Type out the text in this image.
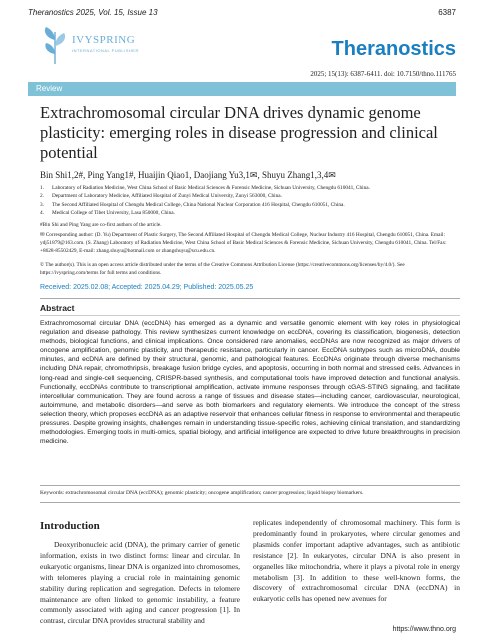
Theranostics 2025, Vol. 15, Issue 13	6387
IVYSPRING
INTERNATIONAL PUBLISHER	Theranostics
2025; 15(13): 6387-6411. doi: 10.7150/thno.111765
Review
Extrachromosomal circular DNA drives dynamic genome plasticity: emerging roles in disease progression and clinical potential
Bin Shi1,2#, Ping Yang1#, Huaijin Qiao1, Daojiang Yu3,1✉, Shuyu Zhang1,3,4✉
1.	Laboratory of Radiation Medicine, West China School of Basic Medical Sciences & Forensic Medicine, Sichuan University, Chengdu 610041, China.
2.	Department of Laboratory Medicine, Affiliated Hospital of Zunyi Medical University, Zunyi 563000, China.
3.	The Second Affiliated Hospital of Chengdu Medical College, China National Nuclear Corporation 416 Hospital, Chengdu 610051, China.
4.	Medical College of Tibet University, Lasa 850000, China.
#Bin Shi and Ping Yang are co-first authors of the article.
✉ Corresponding author: (D. Yu) Department of Plastic Surgery, The Second Affiliated Hospital of Chengdu Medical College, Nuclear Industry 416 Hospital, Chengdu 610051, China. Email: ydj51879@163.com. (S. Zhang) Laboratory of Radiation Medicine, West China School of Basic Medical Sciences & Forensic Medicine, Sichuan University, Chengdu 610041, China. Tel/Fax: +8628-85502429, E-mail: zhang.shuyu@hotmail.com or zhangshuyu@scu.edu.cn.
© The author(s). This is an open access article distributed under the terms of the Creative Commons Attribution License (https://creativecommons.org/licenses/by/4.0/). See https://ivyspring.com/terms for full terms and conditions.
Received: 2025.02.08; Accepted: 2025.04.29; Published: 2025.05.25
Abstract
Extrachromosomal circular DNA (eccDNA) has emerged as a dynamic and versatile genomic element with key roles in physiological regulation and disease pathology. This review synthesizes current knowledge on eccDNA, covering its classification, biogenesis, detection methods, biological functions, and clinical implications. Once considered rare anomalies, eccDNAs are now recognized as major drivers of oncogene amplification, genomic plasticity, and therapeutic resistance, particularly in cancer. EccDNA subtypes such as microDNA, double minutes, and ecDNA are defined by their structural, genomic, and pathological features. EccDNAs originate through diverse mechanisms including DNA repair, chromothripsis, breakage fusion bridge cycles, and apoptosis, occurring in both normal and stressed cells. Advances in long-read and single-cell sequencing, CRISPR-based synthesis, and computational tools have improved detection and functional analysis. Functionally, eccDNAs contribute to transcriptional amplification, activate immune responses through cGAS-STING signaling, and facilitate intercellular communication. They are found across a range of tissues and disease states—including cancer, cardiovascular, neurological, autoimmune, and metabolic disorders—and serve as both biomarkers and regulatory elements. We introduce the concept of the stress selection theory, which proposes eccDNA as an adaptive reservoir that enhances cellular fitness in response to environmental and therapeutic pressures. Despite growing insights, challenges remain in understanding tissue-specific roles, achieving clinical translation, and standardizing methodologies. Emerging tools in multi-omics, spatial biology, and artificial intelligence are expected to drive future breakthroughs in precision medicine.
Keywords: extrachromosomal circular DNA (eccDNA); genomic plasticity; oncogene amplification; cancer progression; liquid biopsy biomarkers.
Introduction
Deoxyribonucleic acid (DNA), the primary carrier of genetic information, exists in two distinct forms: linear and circular. In eukaryotic organisms, linear DNA is organized into chromosomes, with telomeres playing a crucial role in maintaining genomic stability during replication and segregation. Defects in telomere maintenance are often linked to genomic instability, a feature commonly associated with aging and cancer progression [1]. In contrast, circular DNA provides structural stability and
replicates independently of chromosomal machinery. This form is predominantly found in prokaryotes, where circular genomes and plasmids confer important adaptive advantages, such as antibiotic resistance [2]. In eukaryotes, circular DNA is also present in organelles like mitochondria, where it plays a pivotal role in energy metabolism [3]. In addition to these well-known forms, the discovery of extrachromosomal circular DNA (eccDNA) in eukaryotic cells has opened new avenues for
https://www.thno.org
